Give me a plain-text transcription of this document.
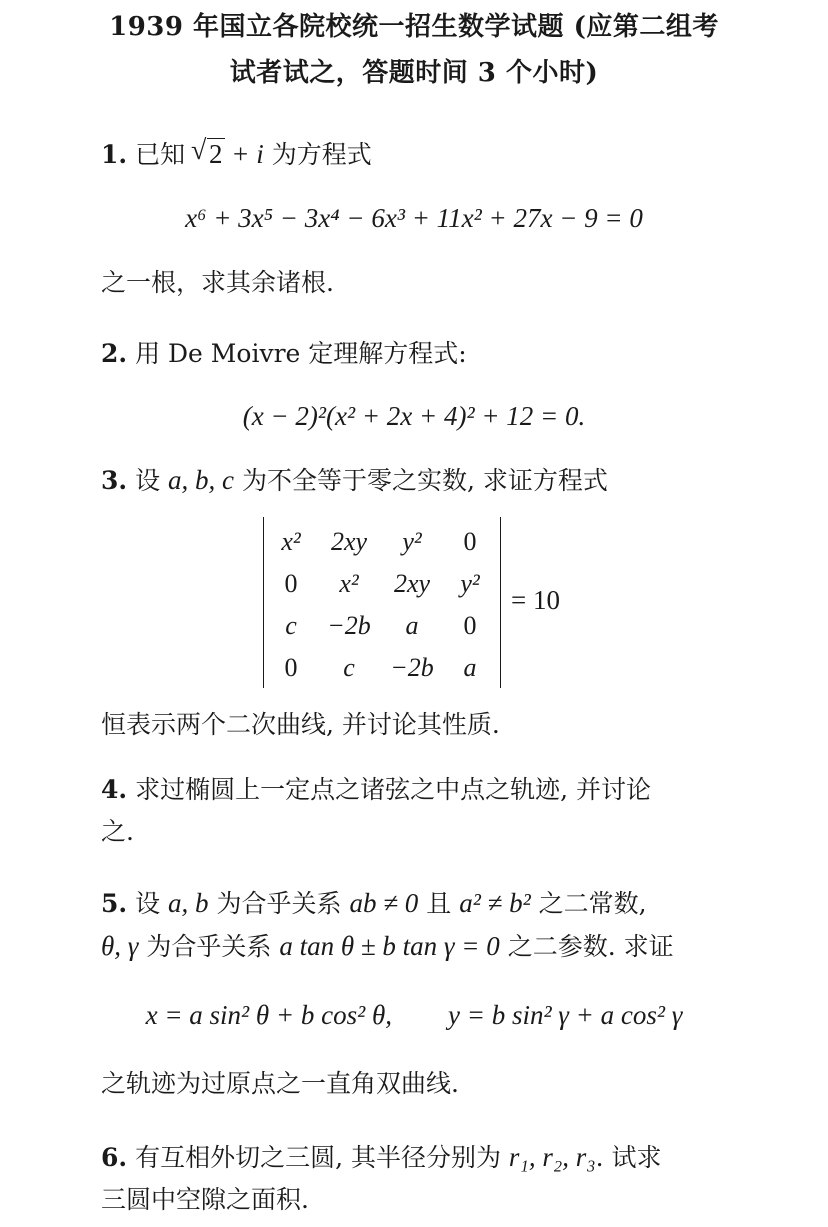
1939 年国立各院校统一招生数学试题 (应第二组考
试者试之，答题时间 3 个小时)
1. 已知 √ 2 + i 为方程式
x⁶ + 3x⁵ − 3x⁴ − 6x³ + 11x² + 27x − 9 = 0
之一根，求其余诸根.
2. 用 De Moivre 定理解方程式:
(x − 2)²(x² + 2x + 4)² + 12 = 0.
3. 设 a, b, c 为不全等于零之实数, 求证方程式
x²	2xy	y²	0
0	x²	2xy	y²
c	−2b	a	0
0	c	−2b	a
= 10
恒表示两个二次曲线, 并讨论其性质.
4. 求过椭圆上一定点之诸弦之中点之轨迹, 并讨论
之.
5. 设 a, b 为合乎关系 ab ≠ 0 且 a² ≠ b² 之二常数,
θ, γ 为合乎关系 a tan θ ± b tan γ = 0 之二参数. 求证
x = a sin² θ + b cos² θ, y = b sin² γ + a cos² γ
之轨迹为过原点之一直角双曲线.
6. 有互相外切之三圆, 其半径分别为 r₁, r₂, r₃. 试求
三圆中空隙之面积.
